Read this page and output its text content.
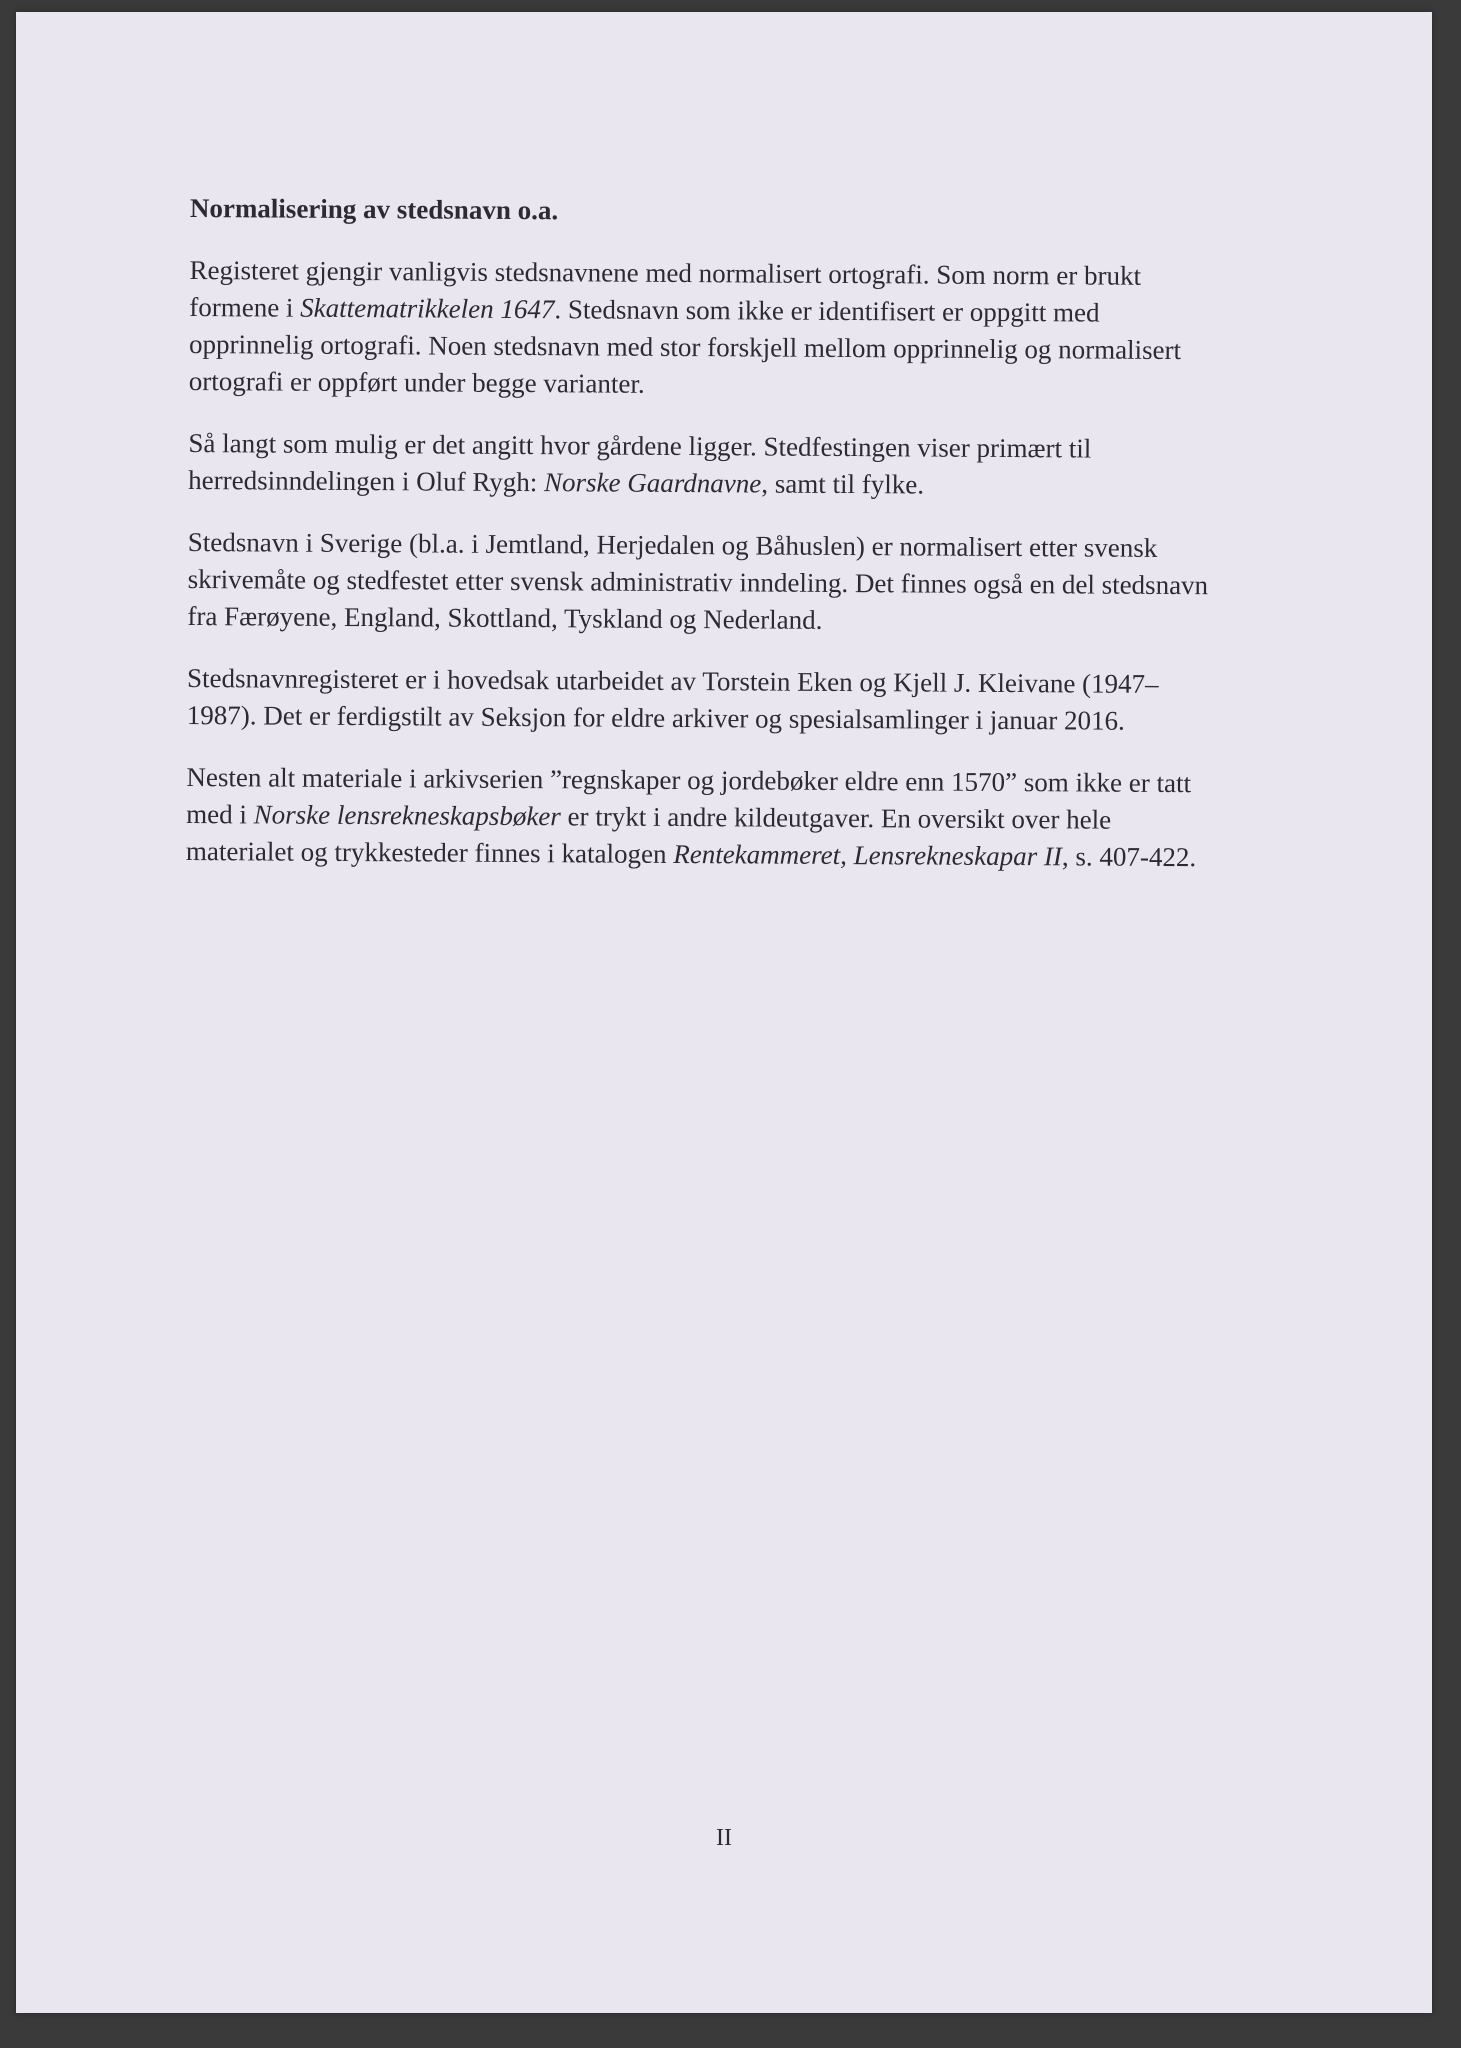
Normalisering av stedsnavn o.a.
Registeret gjengir vanligvis stedsnavnene med normalisert ortografi. Som norm er brukt
formene i Skattematrikkelen 1647. Stedsnavn som ikke er identifisert er oppgitt med
opprinnelig ortografi. Noen stedsnavn med stor forskjell mellom opprinnelig og normalisert
ortografi er oppført under begge varianter.
Så langt som mulig er det angitt hvor gårdene ligger. Stedfestingen viser primært til
herredsinndelingen i Oluf Rygh: Norske Gaardnavne, samt til fylke.
Stedsnavn i Sverige (bl.a. i Jemtland, Herjedalen og Båhuslen) er normalisert etter svensk
skrivemåte og stedfestet etter svensk administrativ inndeling. Det finnes også en del stedsnavn
fra Færøyene, England, Skottland, Tyskland og Nederland.
Stedsnavnregisteret er i hovedsak utarbeidet av Torstein Eken og Kjell J. Kleivane (1947–
1987). Det er ferdigstilt av Seksjon for eldre arkiver og spesialsamlinger i januar 2016.
Nesten alt materiale i arkivserien ”regnskaper og jordebøker eldre enn 1570” som ikke er tatt
med i Norske lensrekneskapsbøker er trykt i andre kildeutgaver. En oversikt over hele
materialet og trykkesteder finnes i katalogen Rentekammeret, Lensrekneskapar II, s. 407-422.
II
